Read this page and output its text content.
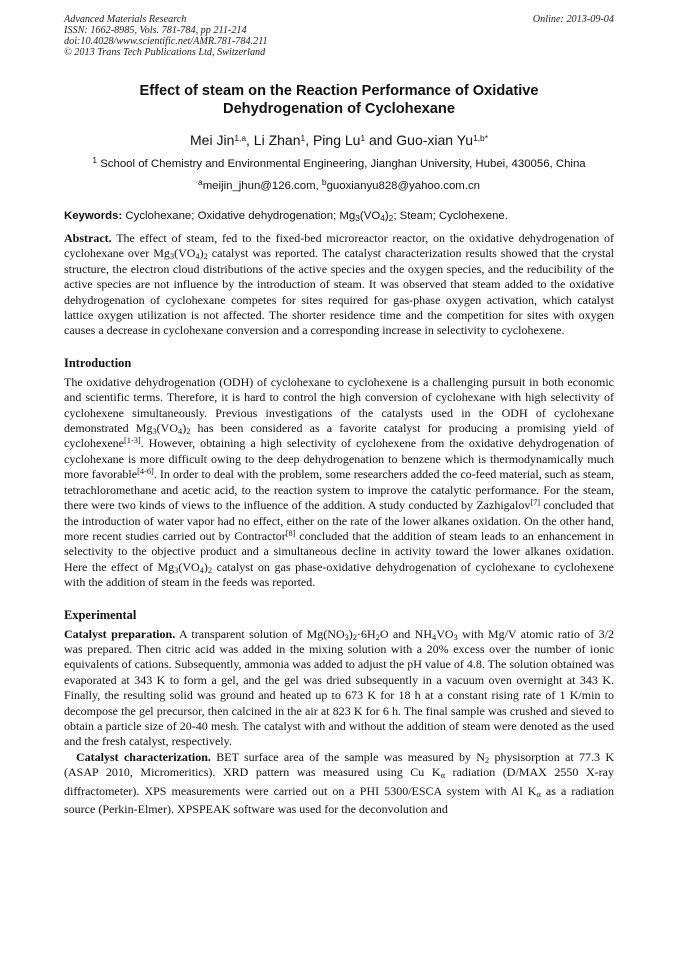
Advanced Materials Research
ISSN: 1662-8985, Vols. 781-784, pp 211-214
doi:10.4028/www.scientific.net/AMR.781-784.211
© 2013 Trans Tech Publications Ltd, Switzerland
Online: 2013-09-04
Effect of steam on the Reaction Performance of Oxidative
Dehydrogenation of Cyclohexane
Mei Jin$^{1,a}$, Li Zhan$^1$, Ping Lu$^1$ and Guo-xian $Yu^{1,b*}$
$^1$ School of Chemistry and Environmental Engineering, Jianghan University, Hubei, 430056, China
$^a$meijin_jhun@126.com, $^b$guoxianyu828@yahoo.com.cn
Keywords: Cyclohexane; Oxidative dehydrogenation; $Mg_3(VO_4)_2$; Steam; Cyclohexene.

Abstract. The effect of steam, fed to the fixed-bed microreactor reactor, on the oxidative dehydrogenation of cyclohexane over $Mg_3(VO_4)_2$ catalyst was reported. The catalyst characterization results showed that the crystal structure, the electron cloud distributions of the active species and the oxygen species, and the reducibility of the active species are not influence by the introduction of steam. It was observed that steam added to the oxidative dehydrogenation of cyclohexane competes for sites required for gas-phase oxygen activation, which catalyst lattice oxygen utilization is not affected. The shorter residence time and the competition for sites with oxygen causes a decrease in cyclohexane conversion and a corresponding increase in selectivity to cyclohexene.

Introduction

The oxidative dehydrogenation (ODH) of cyclohexane to cyclohexene is a challenging pursuit in both economic and scientific terms. Therefore, it is hard to control the high conversion of cyclohexane with high selectivity of cyclohexene simultaneously. Previous investigations of the catalysts used in the ODH of cyclohexane demonstrated $Mg_3(VO_4)_2$ has been considered as a favorite catalyst for producing a promising yield of cyclohexene[1-3]. However, obtaining a high selectivity of cyclohexene from the oxidative dehydrogenation of cyclohexane is more difficult owing to the deep dehydrogenation to benzene which is thermodynamically much more favorable[4-6]. In order to deal with the problem, some researchers added the co-feed material, such as steam, tetrachloromethane and acetic acid, to the reaction system to improve the catalytic performance. For the steam, there were two kinds of views to the influence of the addition. A study conducted by Zazhigalov[7] concluded that the introduction of water vapor had no effect, either on the rate of the lower alkanes oxidation. On the other hand, more recent studies carried out by Contractor[8] concluded that the addition of steam leads to an enhancement in selectivity to the objective product and a simultaneous decline in activity toward the lower alkanes oxidation. Here the effect of $Mg_3(VO_4)_2$ catalyst on gas phase-oxidative dehydrogenation of cyclohexane to cyclohexene with the addition of steam in the feeds was reported.

Experimental

Catalyst preparation. A transparent solution of $Mg(NO_3)_2\cdot 6H_2O$ and $NH_4VO_3$ with Mg/V atomic ratio of 3/2 was prepared. Then citric acid was added in the mixing solution with a 20% excess over the number of ionic equivalents of cations. Subsequently, ammonia was added to adjust the pH value of 4.8. The solution obtained was evaporated at 343 K to form a gel, and the gel was dried subsequently in a vacuum oven overnight at 343 K. Finally, the resulting solid was ground and heated up to 673 K for 18 h at a constant rising rate of 1 K/min to decompose the gel precursor, then calcined in the air at 823 K for 6 h. The final sample was crushed and sieved to obtain a particle size of 20-40 mesh. The catalyst with and without the addition of steam were denoted as the used and the fresh catalyst, respectively.

Catalyst characterization. BET surface area of the sample was measured by $N_2$ physisorption at 77.3 K (ASAP 2010, Micromeritics). XRD pattern was measured using Cu Kα radiation (D/MAX 2550 X-ray diffractometer). XPS measurements were carried out on a PHI 5300/ESCA system with Al Kα as a radiation source (Perkin-Elmer). XPSPEAK software was used for the deconvolution and
